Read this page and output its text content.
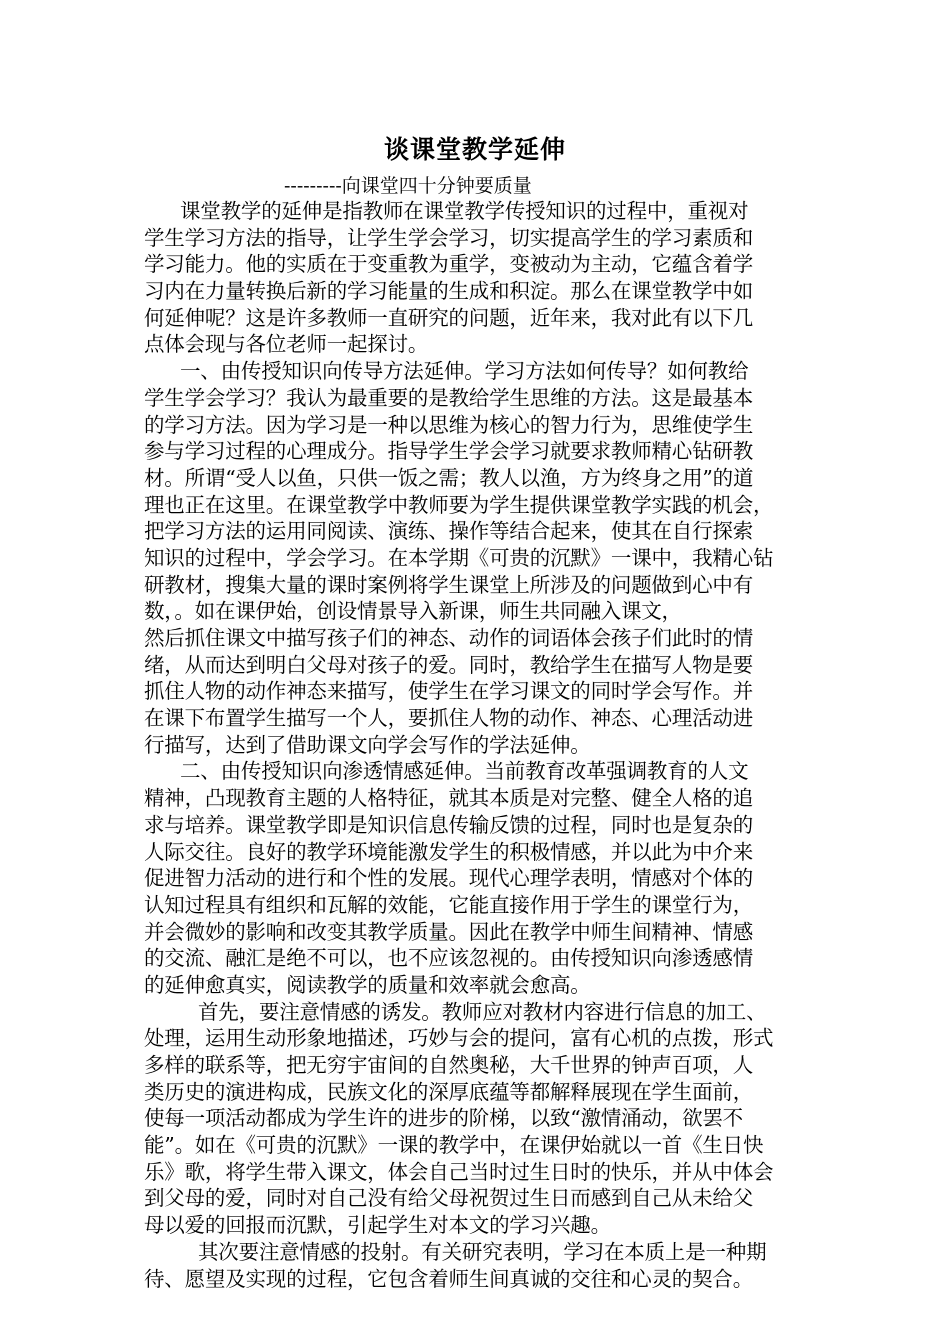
谈课堂教学延伸
---------向课堂四十分钟要质量
课堂教学的延伸是指教师在课堂教学传授知识的过程中，重视对
学生学习方法的指导，让学生学会学习，切实提高学生的学习素质和
学习能力。他的实质在于变重教为重学，变被动为主动，它蕴含着学
习内在力量转换后新的学习能量的生成和积淀。那么在课堂教学中如
何延伸呢？这是许多教师一直研究的问题，近年来，我对此有以下几
点体会现与各位老师一起探讨。
一、由传授知识向传导方法延伸。学习方法如何传导？如何教给
学生学会学习？我认为最重要的是教给学生思维的方法。这是最基本
的学习方法。因为学习是一种以思维为核心的智力行为，思维使学生
参与学习过程的心理成分。指导学生学会学习就要求教师精心钻研教
材。所谓“受人以鱼，只供一饭之需；教人以渔，方为终身之用”的道
理也正在这里。在课堂教学中教师要为学生提供课堂教学实践的机会，
把学习方法的运用同阅读、演练、操作等结合起来，使其在自行探索
知识的过程中，学会学习。在本学期《可贵的沉默》一课中，我精心钻
研教材，搜集大量的课时案例将学生课堂上所涉及的问题做到心中有
数，。如在课伊始，创设情景导入新课，师生共同融入课文，
然后抓住课文中描写孩子们的神态、动作的词语体会孩子们此时的情
绪，从而达到明白父母对孩子的爱。同时，教给学生在描写人物是要
抓住人物的动作神态来描写，使学生在学习课文的同时学会写作。并
在课下布置学生描写一个人，要抓住人物的动作、神态、心理活动进
行描写，达到了借助课文向学会写作的学法延伸。
二、由传授知识向渗透情感延伸。当前教育改革强调教育的人文
精神，凸现教育主题的人格特征，就其本质是对完整、健全人格的追
求与培养。课堂教学即是知识信息传输反馈的过程，同时也是复杂的
人际交往。良好的教学环境能激发学生的积极情感，并以此为中介来
促进智力活动的进行和个性的发展。现代心理学表明，情感对个体的
认知过程具有组织和瓦解的效能，它能直接作用于学生的课堂行为，
并会微妙的影响和改变其教学质量。因此在教学中师生间精神、情感
的交流、融汇是绝不可以，也不应该忽视的。由传授知识向渗透感情
的延伸愈真实，阅读教学的质量和效率就会愈高。
首先，要注意情感的诱发。教师应对教材内容进行信息的加工、
处理，运用生动形象地描述，巧妙与会的提问，富有心机的点拨，形式
多样的联系等，把无穷宇宙间的自然奥秘，大千世界的钟声百项，人
类历史的演进构成，民族文化的深厚底蕴等都解释展现在学生面前，
使每一项活动都成为学生许的进步的阶梯，以致“激情涌动，欲罢不
能”。如在《可贵的沉默》一课的教学中，在课伊始就以一首《生日快
乐》歌，将学生带入课文，体会自己当时过生日时的快乐，并从中体会
到父母的爱，同时对自己没有给父母祝贺过生日而感到自己从未给父
母以爱的回报而沉默，引起学生对本文的学习兴趣。
其次要注意情感的投射。有关研究表明，学习在本质上是一种期
待、愿望及实现的过程，它包含着师生间真诚的交往和心灵的契合。
